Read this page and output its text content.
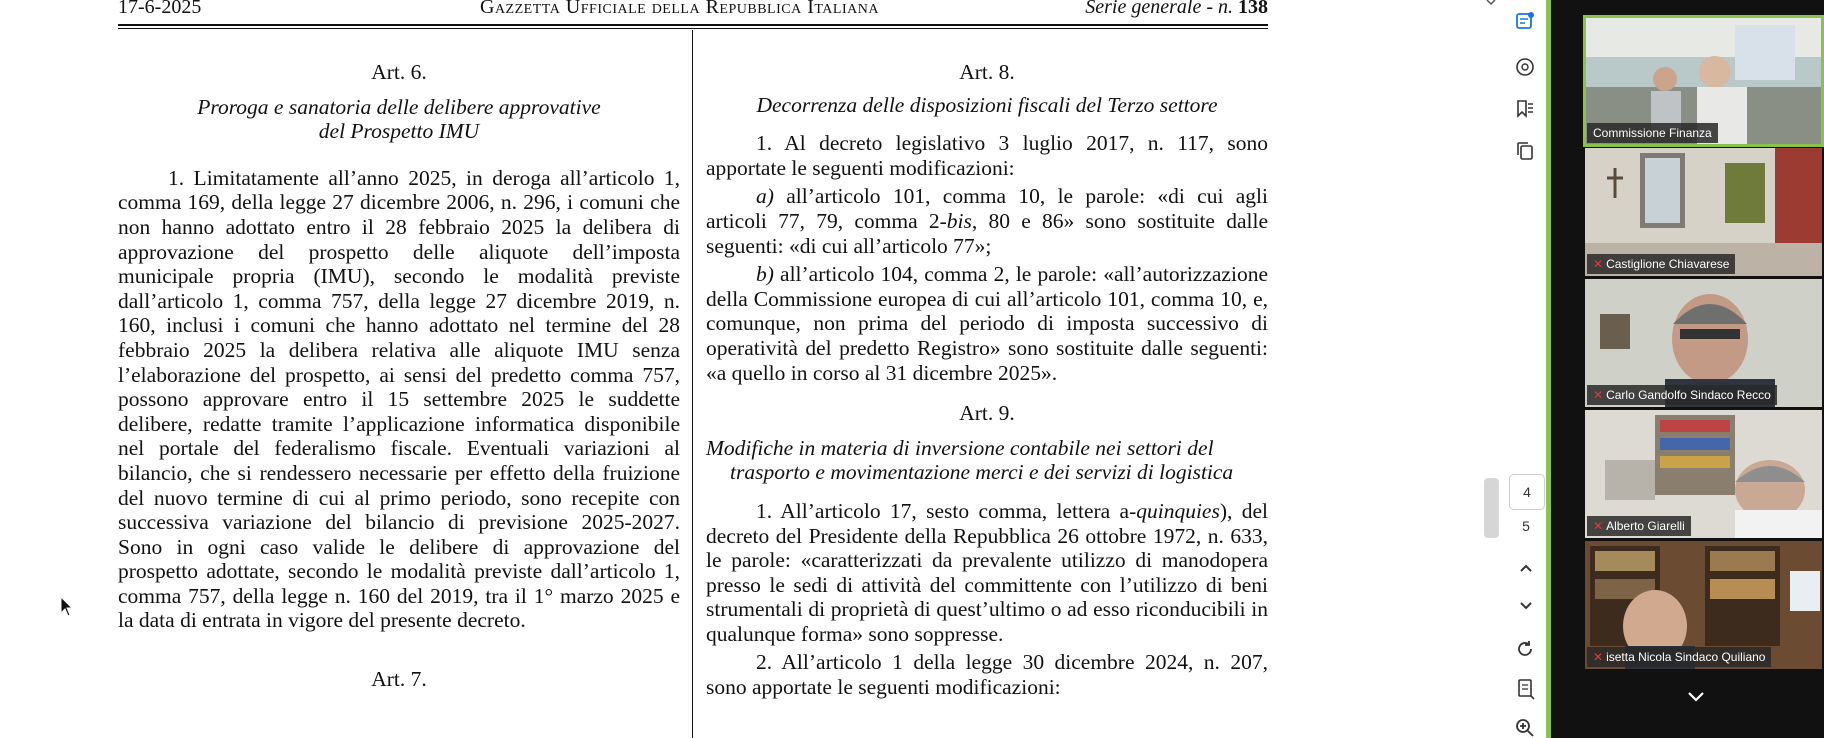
17-6-2025	Gazzetta Ufficiale della Repubblica Italiana	Serie generale - n. 138

Art. 6.

Proroga e sanatoria delle delibere approvative

del Prospetto IMU

1. Limitatamente all’anno 2025, in deroga all’articolo 1, comma 169, della legge 27 dicembre 2006, n. 296, i comuni che non hanno adottato entro il 28 febbraio 2025 la delibera di approvazione del prospetto delle aliquote dell’imposta municipale propria (IMU), secondo le modalità previste dall’articolo 1, comma 757, della legge 27 dicembre 2019, n. 160, inclusi i comuni che hanno adottato nel termine del 28 febbraio 2025 la delibera relativa alle aliquote IMU senza l’elaborazione del prospetto, ai sensi del predetto comma 757, possono approvare entro il 15 settembre 2025 le suddette delibere, redatte tramite l’applicazione informatica disponibile nel portale del federalismo fiscale. Eventuali variazioni al bilancio, che si rendessero necessarie per effetto della fruizione del nuovo termine di cui al primo periodo, sono recepite con successiva variazione del bilancio di previsione 2025-2027. Sono in ogni caso valide le delibere di approvazione del prospetto adottate, secondo le modalità previste dall’articolo 1, comma 757, della legge n. 160 del 2019, tra il 1° marzo 2025 e la data di entrata in vigore del presente decreto.

Art. 7.

Art. 8.

Decorrenza delle disposizioni fiscali del Terzo settore

1. Al decreto legislativo 3 luglio 2017, n. 117, sono apportate le seguenti modificazioni:

a) all’articolo 101, comma 10, le parole: «di cui agli articoli 77, 79, comma 2-bis, 80 e 86» sono sostituite dalle seguenti: «di cui all’articolo 77»;

b) all’articolo 104, comma 2, le parole: «all’autorizzazione della Commissione europea di cui all’articolo 101, comma 10, e, comunque, non prima del periodo di imposta successivo di operatività del predetto Registro» sono sostituite dalle seguenti: «a quello in corso al 31 dicembre 2025».

Art. 9.

Modifiche in materia di inversione contabile nei settori del trasporto e movimentazione merci e dei servizi di logistica

1. All’articolo 17, sesto comma, lettera a-quinquies), del decreto del Presidente della Repubblica 26 ottobre 1972, n. 633, le parole: «caratterizzati da prevalente utilizzo di manodopera presso le sedi di attività del committente con l’utilizzo di beni strumentali di proprietà di quest’ultimo o ad esso riconducibili in qualunque forma» sono soppresse.

2. All’articolo 1 della legge 30 dicembre 2024, n. 207, sono apportate le seguenti modificazioni:

4
5
Commissione Finanza
✕ Castiglione Chiavarese
✕ Carlo Gandolfo Sindaco Recco
✕ Alberto Giarelli
✕ isetta Nicola Sindaco Quiliano
